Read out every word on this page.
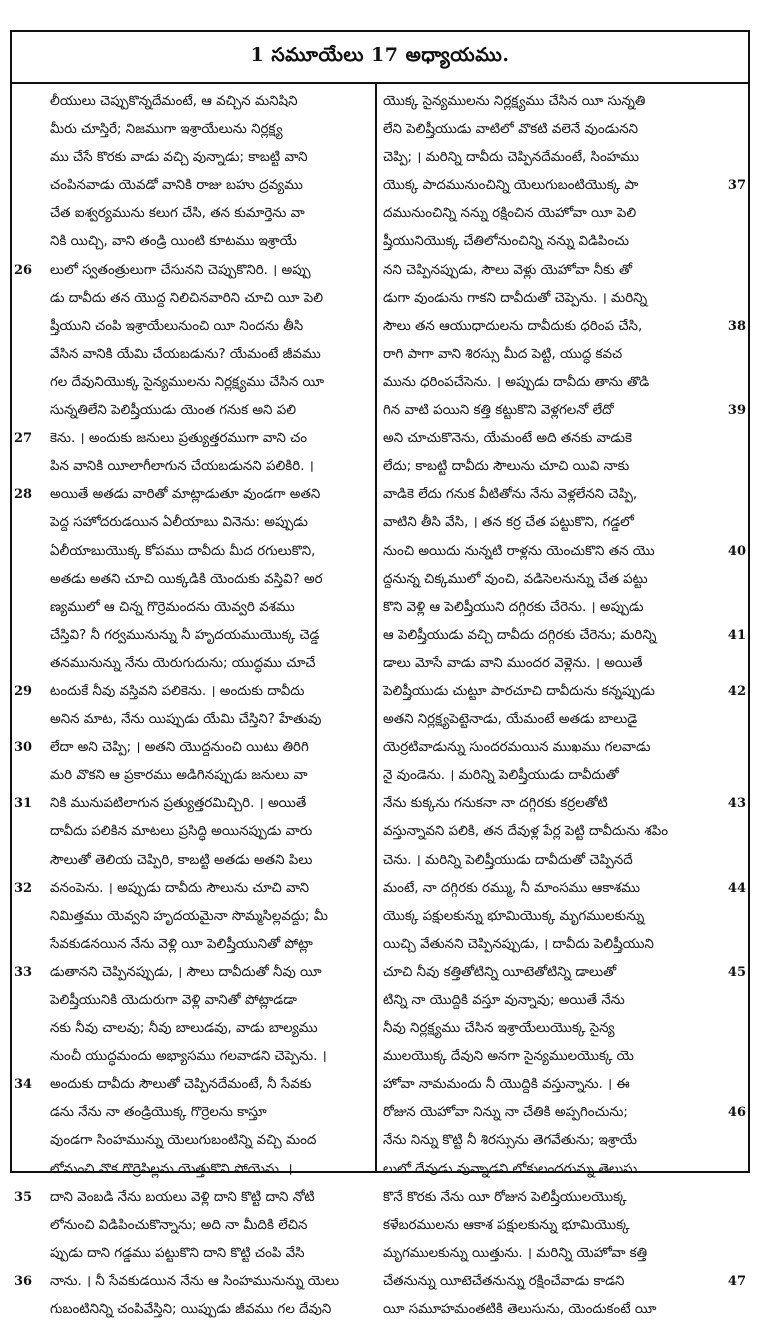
1 సమూయేలు 17 అధ్యాయము.
లీయులు చెప్పుకొన్నదేమంటే, ఆ వచ్చిన మనిషిని
మీరు చూస్తిరే; నిజముగా ఇశ్రాయేలును నిర్లక్ష్య
ము చేసే కొరకు వాడు వచ్చి వున్నాడు; కాబట్టి వాని
చంపినవాడు యెవడో వానికి రాజు బహు ద్రవ్యము
చేత ఐశ్వర్యమును కలుగ చేసి, తన కుమార్తెను వా
నికి యిచ్చి, వాని తండ్రి యింటి కూటము ఇశ్రాయే
26 లులో స్వతంత్రులుగా చేసునని చెప్పుకొనిరి. । అప్పు
డు దావీదు తన యొద్ద నిలిచినవారిని చూచి యీ పెలి
ష్తీయుని చంపి ఇశ్రాయేలునుంచి యీ నిందను తీసి
వేసిన వానికి యేమి చేయబడును? యేమంటే జీవము
గల దేవునియొక్క సైన్యములను నిర్లక్ష్యము చేసిన యీ
సున్నతిలేని పెలిష్తీయుడు యెంత గనుక అని పలి
27 కెను. । అందుకు జనులు ప్రత్యుత్తరముగా వాని చం
పిన వానికి యీలాగీలాగున చేయబడునని పలికిరి. ।
28 అయితే అతడు వారితో మాట్లాడుతూ వుండగా అతని
పెద్ద సహోదరుడయిన ఏలీయాబు వినెను: అప్పుడు
ఏలీయాబుయొక్క కోపము దావీదు మీద రగులుకొని,
అతడు అతని చూచి యిక్కడికి యెందుకు వస్తివి? అర
ణ్యములో ఆ చిన్న గొర్రెమందను యెవ్వరి వశము
చేస్తివి? నీ గర్వమునున్ను నీ హృదయముయొక్క చెడ్డ
తనమునున్ను నేను యెరుగుదును; యుద్ధము చూచే
29 టందుకే నీవు వస్తివని పలికెను. । అందుకు దావీదు
అనిన మాట, నేను యిప్పుడు యేమి చేస్తిని? హేతువు
30 లేదా అని చెప్పి; । అతని యొద్దనుంచి యిటు తిరిగి
మరి వొకని ఆ ప్రకారము అడిగినప్పుడు జనులు వా
31 నికి మునుపటిలాగున ప్రత్యుత్తరమిచ్చిరి. । అయితే
దావీదు పలికిన మాటలు ప్రసిద్ధి అయినప్పుడు వారు
సౌలుతో తెలియ చెప్పిరి, కాబట్టి అతడు అతని పిలు
32 వనంపెను. । అప్పుడు దావీదు సౌలును చూచి వాని
నిమిత్తము యెవ్వని హృదయమైనా సొమ్మసిల్లవద్దు; మీ
సేవకుడనయిన నేను వెళ్లి యీ పెలిష్తీయునితో పోట్లా
33 డుతానని చెప్పినప్పుడు, । సౌలు దావీదుతో నీవు యీ
పెలిష్తీయునికి యెదురుగా వెళ్లి వానితో పోట్లాడడా
నకు నీవు చాలవు; నీవు బాలుడవు, వాడు బాల్యము
నుంచీ యుద్ధమందు అభ్యాసము గలవాడని చెప్పెను. ।
34 అందుకు దావీదు సౌలుతో చెప్పినదేమంటే, నీ సేవకు
డను నేను నా తండ్రియొక్క గొర్రెలను కాస్తూ
వుండగా సింహమున్ను యెలుగుబంటిన్ని వచ్చి మంద
లోనుంచి వొక గొర్రెపిల్లను యెత్తుకొని పోయెను. ।
35 దాని వెంబడి నేను బయలు వెళ్లి దాని కొట్టి దాని నోటి
లోనుంచి విడిపించుకొన్నాను; అది నా మీదికి లేచిన
ప్పుడు దాని గడ్డము పట్టుకొని దాని కొట్టి చంపి వేసి
36 నాను. । నీ సేవకుడయిన నేను ఆ సింహమునున్ను యెలు
గుబంటినిన్ని చంపివేస్తిని; యిప్పుడు జీవము గల దేవుని
యొక్క సైన్యములను నిర్లక్ష్యము చేసిన యీ సున్నతి
లేని పెలిష్తీయుడు వాటిలో వొకటి వలెనే వుండునని
చెప్పి; । మరిన్ని దావీదు చెప్పినదేమంటే, సింహము
37
యొక్క పాదమునుంచిన్ని యెలుగుబంటియొక్క పా
దమునుంచిన్ని నన్ను రక్షించిన యెహోవా యీ పెలి
ష్తీయునియొక్క చేతిలోనుంచిన్ని నన్ను విడిపించు
నని చెప్పినప్పుడు, సౌలు వెళ్లు యెహోవా నీకు తో
డుగా వుండును గాకని దావీదుతో చెప్పెను. । మరిన్ని
38
సౌలు తన ఆయుధాదులను దావీదుకు ధరింప చేసి,
రాగి పాగా వాని శిరస్సు మీద పెట్టి, యుద్ధ కవచ
మును ధరింపచేసెను. । అప్పుడు దావీదు తాను తొడి
39
గిన వాటి పయిని కత్తి కట్టుకొని వెళ్లగలనో లేదో
అని చూచుకొనెను, యేమంటే అది తనకు వాడుకె
లేదు; కాబట్టి దావీదు సౌలును చూచి యివి నాకు
వాడికె లేదు గనుక వీటితోను నేను వెళ్లలేనని చెప్పి,
వాటిని తీసి వేసి, । తన కర్ర చేత పట్టుకొని, గడ్డలో
40
నుంచి అయిదు నున్నటి రాళ్లను యెంచుకొని తన యొ
ద్దనున్న చిక్కములో వుంచి, వడిసెలనున్ను చేత పట్టు
కొని వెళ్లి ఆ పెలిష్తీయుని దగ్గిరకు చేరెను. । అప్పుడు
41
ఆ పెలిష్తీయుడు వచ్చి దావీదు దగ్గిరకు చేరెను; మరిన్ని
డాలు మోసే వాడు వాని ముందర వెళ్లెను. । అయితే
42
పెలిష్తీయుడు చుట్టూ పారచూచి దావీదును కన్నప్పుడు
అతని నిర్లక్ష్యపెట్టెనాడు, యేమంటే అతడు బాలుడై
యెర్రటివాడున్ను సుందరమయిన ముఖము గలవాడు
నై వుండెను. । మరిన్ని పెలిష్తీయుడు దావీదుతో
43
నేను కుక్కను గనుకనా నా దగ్గిరకు కర్రలతోటి
వస్తున్నావని పలికి, తన దేవుళ్ల పేర్ల పెట్టి దావీదును శపిం
చెను. । మరిన్ని పెలిష్తీయుడు దావీదుతో చెప్పినదే
44
మంటే, నా దగ్గిరకు రమ్ము, నీ మాంసము ఆకాశము
యొక్క పక్షులకున్ను భూమియొక్క మృగములకున్ను
యిచ్చి వేతునని చెప్పినప్పుడు, । దావీదు పెలిష్తీయుని
45
చూచి నీవు కత్తితోటిన్ని యీటెతోటిన్ని డాలుతో
టిన్ని నా యొద్దికి వస్తూ వున్నావు; అయితే నేను
నీవు నిర్లక్ష్యము చేసిన ఇశ్రాయేలుయొక్క సైన్య
ములయొక్క దేవుని అనగా సైన్యములయొక్క యె
హోవా నామమందు నీ యొద్దికి వస్తున్నాను. । ఈ
46
రోజున యెహోవా నిన్ను నా చేతికి అప్పగించును;
నేను నిన్ను కొట్టి నీ శిరస్సును తెగవేతును; ఇశ్రాయే
లులో దేవుడు వున్నాడని లోకులందరున్ను తెలుసు
కొనే కొరకు నేను యీ రోజున పెలిష్తీయులయొక్క
కళేబరములను ఆకాశ పక్షులకున్ను భూమియొక్క
మృగములకున్ను యిత్తును. । మరిన్ని యెహోవా కత్తి
47
చేతనున్ను యీటెచేతనున్ను రక్షించేవాడు కాడని
యీ సమూహమంతటికి తెలుసును, యెందుకంటే యీ
